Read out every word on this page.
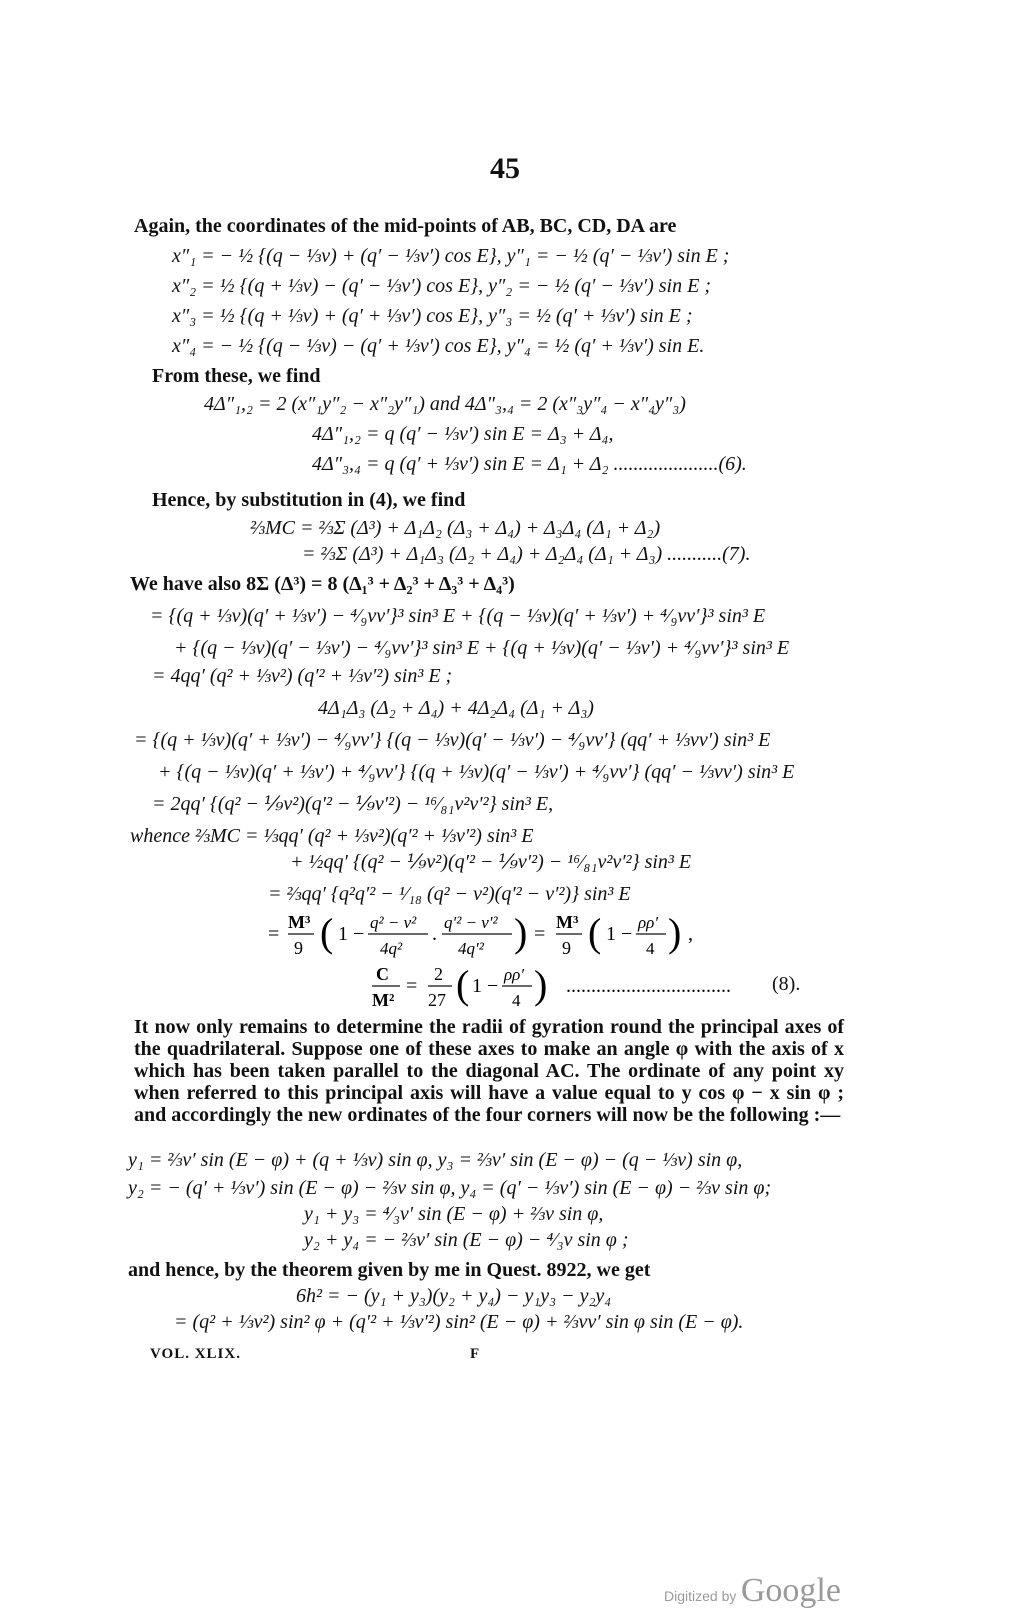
45
Again, the coordinates of the mid-points of AB, BC, CD, DA are
x″₁ = − ½ {(q − ⅓v) + (q′ − ⅓v′) cos E}, y″₁ = − ½ (q′ − ⅓v′) sin E ;
x″₂ = ½ {(q + ⅓v) − (q′ − ⅓v′) cos E}, y″₂ = − ½ (q′ − ⅓v′) sin E ;
x″₃ = ½ {(q + ⅓v) + (q′ + ⅓v′) cos E}, y″₃ = ½ (q′ + ⅓v′) sin E ;
x″₄ = − ½ {(q − ⅓v) − (q′ + ⅓v′) cos E}, y″₄ = ½ (q′ + ⅓v′) sin E.
From these, we find
4Δ″₁,₂ = 2 (x″₁y″₂ − x″₂y″₁) and 4Δ″₃,₄ = 2 (x″₃y″₄ − x″₄y″₃)
4Δ″₁,₂ = q (q′ − ⅓v′) sin E = Δ₃ + Δ₄,
4Δ″₃,₄ = q (q′ + ⅓v′) sin E = Δ₁ + Δ₂ .....................(6).
Hence, by substitution in (4), we find
⅔MC = ⅔Σ (Δ³) + Δ₁Δ₂ (Δ₃ + Δ₄) + Δ₃Δ₄ (Δ₁ + Δ₂)
= ⅔Σ (Δ³) + Δ₁Δ₃ (Δ₂ + Δ₄) + Δ₂Δ₄ (Δ₁ + Δ₃) ...........(7).
We have also 8Σ (Δ³) = 8 (Δ₁³ + Δ₂³ + Δ₃³ + Δ₄³)
= {(q + ⅓v)(q′ + ⅓v′) − ⁴⁄₉vv′}³ sin³ E + {(q − ⅓v)(q′ + ⅓v′) + ⁴⁄₉vv′}³ sin³ E
+ {(q − ⅓v)(q′ − ⅓v′) − ⁴⁄₉vv′}³ sin³ E + {(q + ⅓v)(q′ − ⅓v′) + ⁴⁄₉vv′}³ sin³ E
= 4qq′ (q² + ⅓v²) (q′² + ⅓v′²) sin³ E ;
4Δ₁Δ₃ (Δ₂ + Δ₄) + 4Δ₂Δ₄ (Δ₁ + Δ₃)
= {(q + ⅓v)(q′ + ⅓v′) − ⁴⁄₉vv′} {(q − ⅓v)(q′ − ⅓v′) − ⁴⁄₉vv′} (qq′ + ⅓vv′) sin³ E
+ {(q − ⅓v)(q′ + ⅓v′) + ⁴⁄₉vv′} {(q + ⅓v)(q′ − ⅓v′) + ⁴⁄₉vv′} (qq′ − ⅓vv′) sin³ E
= 2qq′ {(q² − ⅑v²)(q′² − ⅑v′²) − ¹⁶⁄₈₁v²v′²} sin³ E,
whence ⅔MC = ⅓qq′ (q² + ⅓v²)(q′² + ⅓v′²) sin³ E
+ ½qq′ {(q² − ⅑v²)(q′² − ⅑v′²) − ¹⁶⁄₈₁v²v′²} sin³ E
= ⅔qq′ {q²q′² − ¹⁄₁₈ (q² − v²)(q′² − v′²)} sin³ E
=
M³
9 ( 1 −
q² − v²
4q²
.
q′² − v′²
4q′² ) =
M³
9 ( 1 −
ρρ′
4 ) ,
C
M²
=
2
27 ( 1 −
ρρ′
4 ) ................................. (8).
It now only remains to determine the radii of gyration round the principal axes of the quadrilateral. Suppose one of these axes to make an angle φ with the axis of x which has been taken parallel to the diagonal AC. The ordinate of any point xy when referred to this principal axis will have a value equal to y cos φ − x sin φ ; and accordingly the new ordinates of the four corners will now be the following :—
y₁ = ⅔v′ sin (E − φ) + (q + ⅓v) sin φ, y₃ = ⅔v′ sin (E − φ) − (q − ⅓v) sin φ,
y₂ = − (q′ + ⅓v′) sin (E − φ) − ⅔v sin φ, y₄ = (q′ − ⅓v′) sin (E − φ) − ⅔v sin φ;
y₁ + y₃ = ⁴⁄₃v′ sin (E − φ) + ⅔v sin φ,
y₂ + y₄ = − ⅔v′ sin (E − φ) − ⁴⁄₃v sin φ ;
and hence, by the theorem given by me in Quest. 8922, we get
6h² = − (y₁ + y₃)(y₂ + y₄) − y₁y₃ − y₂y₄
= (q² + ⅓v²) sin² φ + (q′² + ⅓v′²) sin² (E − φ) + ⅔vv′ sin φ sin (E − φ).
VOL. XLIX.	F
Digitized by Google
